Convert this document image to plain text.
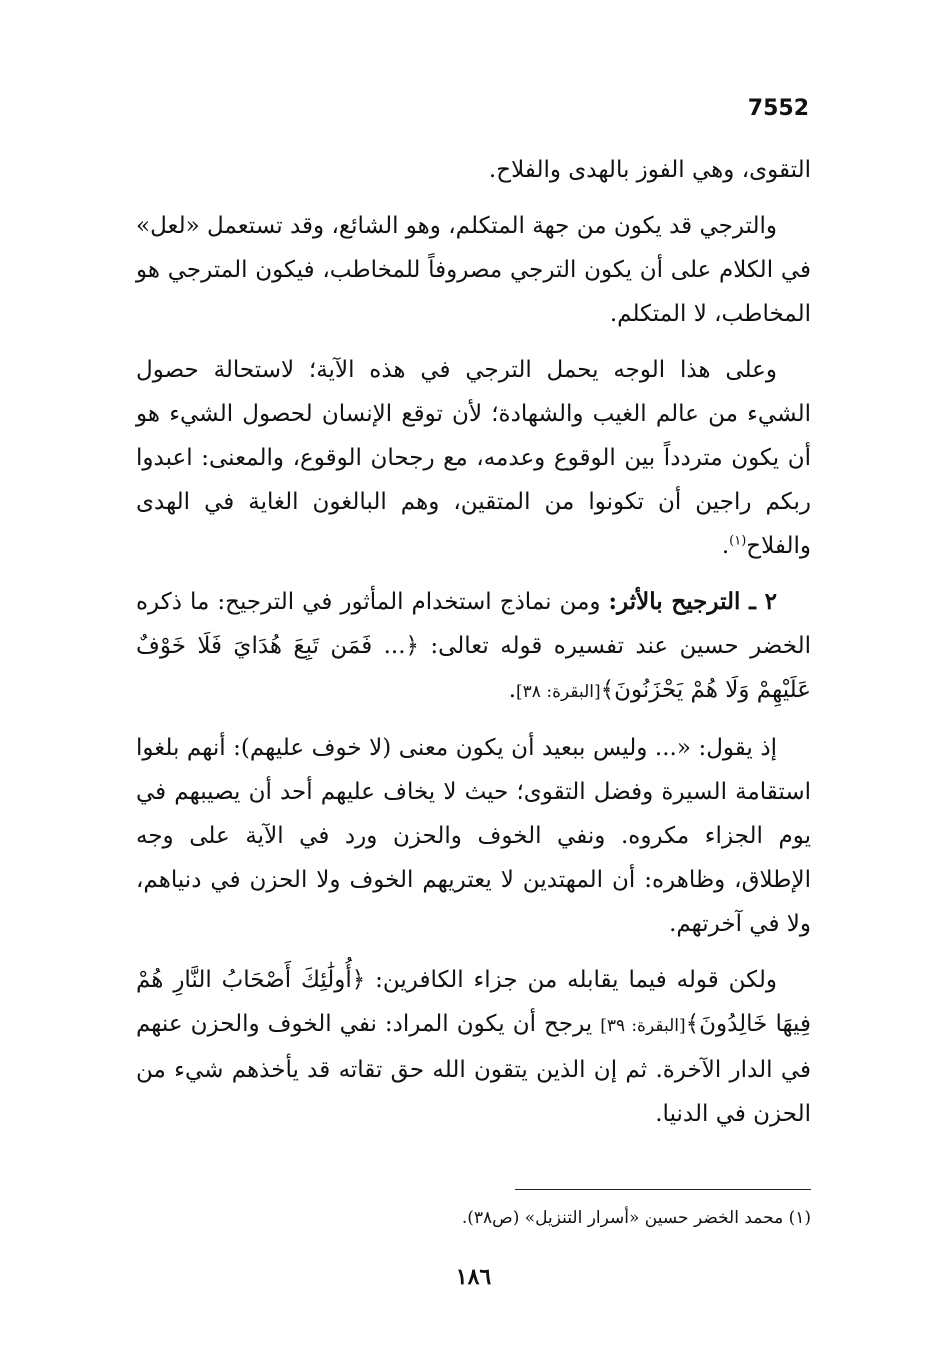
7552

التقوى، وهي الفوز بالهدى والفلاح.

والترجي قد يكون من جهة المتكلم، وهو الشائع، وقد تستعمل «لعل» في الكلام على أن يكون الترجي مصروفاً للمخاطب، فيكون المترجي هو المخاطب، لا المتكلم.

وعلى هذا الوجه يحمل الترجي في هذه الآية؛ لاستحالة حصول الشيء من عالم الغيب والشهادة؛ لأن توقع الإنسان لحصول الشيء هو أن يكون متردداً بين الوقوع وعدمه، مع رجحان الوقوع، والمعنى: اعبدوا ربكم راجين أن تكونوا من المتقين، وهم البالغون الغاية في الهدى والفلاح$^{(١)}$.

٢ ـ الترجيح بالأثر: ومن نماذج استخدام المأثور في الترجيح: ما ذكره الخضر حسين عند تفسيره قوله تعالى: ﴿... فَمَن تَبِعَ هُدَايَ فَلَا خَوْفٌ عَلَيْهِمْ وَلَا هُمْ يَحْزَنُونَ﴾[البقرة: ٣٨].

إذ يقول: «... وليس ببعيد أن يكون معنى (لا خوف عليهم): أنهم بلغوا استقامة السيرة وفضل التقوى؛ حيث لا يخاف عليهم أحد أن يصيبهم في يوم الجزاء مكروه. ونفي الخوف والحزن ورد في الآية على وجه الإطلاق، وظاهره: أن المهتدين لا يعتريهم الخوف ولا الحزن في دنياهم، ولا في آخرتهم.

ولكن قوله فيما يقابله من جزاء الكافرين: ﴿أُولَٰئِكَ أَصْحَابُ النَّارِ هُمْ فِيهَا خَالِدُونَ﴾[البقرة: ٣٩] يرجح أن يكون المراد: نفي الخوف والحزن عنهم في الدار الآخرة. ثم إن الذين يتقون الله حق تقاته قد يأخذهم شيء من الحزن في الدنيا.

(١) محمد الخضر حسين «أسرار التنزيل» (ص٣٨).
١٨٦
